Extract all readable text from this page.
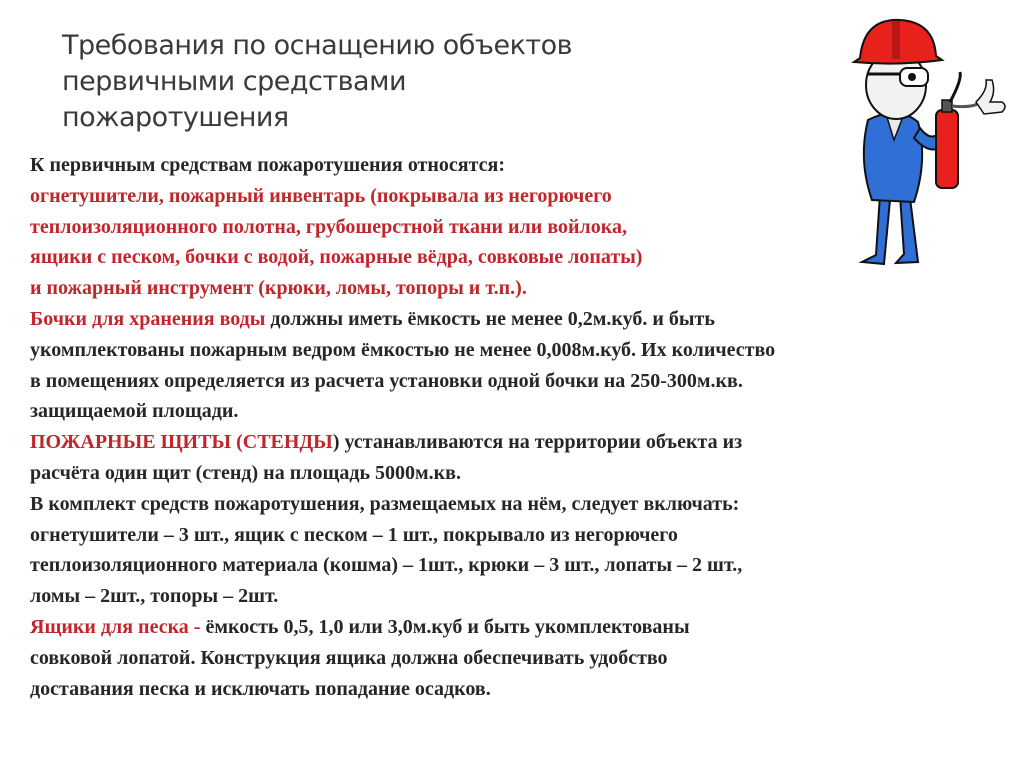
Требования по оснащению объектов
первичными средствами
пожаротушения
К первичным средствам пожаротушения относятся:
огнетушители, пожарный инвентарь (покрывала из негорючего
теплоизоляционного полотна, грубошерстной ткани или войлока,
ящики с песком, бочки с водой, пожарные вёдра, совковые лопаты)
и пожарный инструмент (крюки, ломы, топоры и т.п.).
Бочки для хранения воды должны иметь ёмкость не менее 0,2м.куб. и быть
укомплектованы пожарным ведром ёмкостью не менее 0,008м.куб. Их количество
в помещениях определяется из расчета установки одной бочки на 250-300м.кв.
защищаемой площади.
ПОЖАРНЫЕ ЩИТЫ (СТЕНДЫ) устанавливаются на территории объекта из
расчёта один щит (стенд) на площадь 5000м.кв.
В комплект средств пожаротушения, размещаемых на нём, следует включать:
огнетушители – 3 шт., ящик с песком – 1 шт., покрывало из негорючего
теплоизоляционного материала (кошма) – 1шт., крюки – 3 шт., лопаты – 2 шт.,
ломы – 2шт., топоры – 2шт.
Ящики для песка - ёмкость 0,5, 1,0 или 3,0м.куб и быть укомплектованы
совковой лопатой. Конструкция ящика должна обеспечивать удобство
доставания песка и исключать попадание осадков.
